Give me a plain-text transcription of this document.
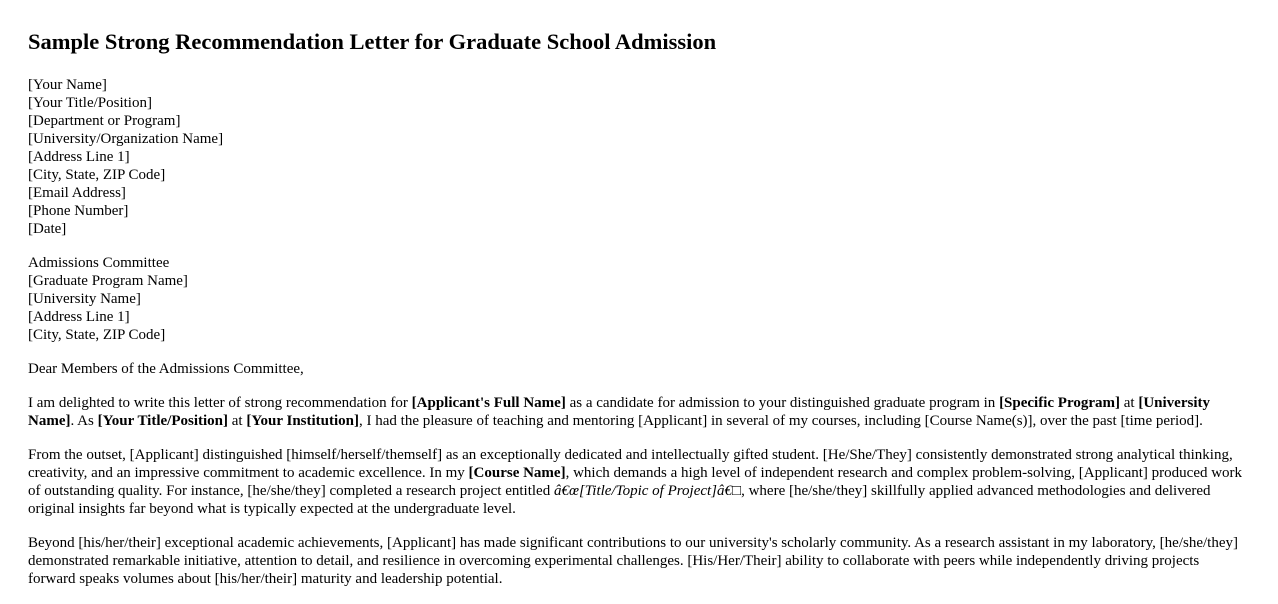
Sample Strong Recommendation Letter for Graduate School Admission
[Your Name]
[Your Title/Position]
[Department or Program]
[University/Organization Name]
[Address Line 1]
[City, State, ZIP Code]
[Email Address]
[Phone Number]
[Date]
Admissions Committee
[Graduate Program Name]
[University Name]
[Address Line 1]
[City, State, ZIP Code]

Dear Members of the Admissions Committee,

I am delighted to write this letter of strong recommendation for [Applicant's Full Name] as a candidate for admission to your distinguished graduate program in [Specific Program] at [University Name]. As [Your Title/Position] at [Your Institution], I had the pleasure of teaching and mentoring [Applicant] in several of my courses, including [Course Name(s)], over the past [time period].

From the outset, [Applicant] distinguished [himself/herself/themself] as an exceptionally dedicated and intellectually gifted student. [He/She/They] consistently demonstrated strong analytical thinking, creativity, and an impressive commitment to academic excellence. In my [Course Name], which demands a high level of independent research and complex problem-solving, [Applicant] produced work of outstanding quality. For instance, [he/she/they] completed a research project entitled â€œ[Title/Topic of Project]â€□, where [he/she/they] skillfully applied advanced methodologies and delivered original insights far beyond what is typically expected at the undergraduate level.

Beyond [his/her/their] exceptional academic achievements, [Applicant] has made significant contributions to our university's scholarly community. As a research assistant in my laboratory, [he/she/they] demonstrated remarkable initiative, attention to detail, and resilience in overcoming experimental challenges. [His/Her/Their] ability to collaborate with peers while independently driving projects forward speaks volumes about [his/her/their] maturity and leadership potential.
